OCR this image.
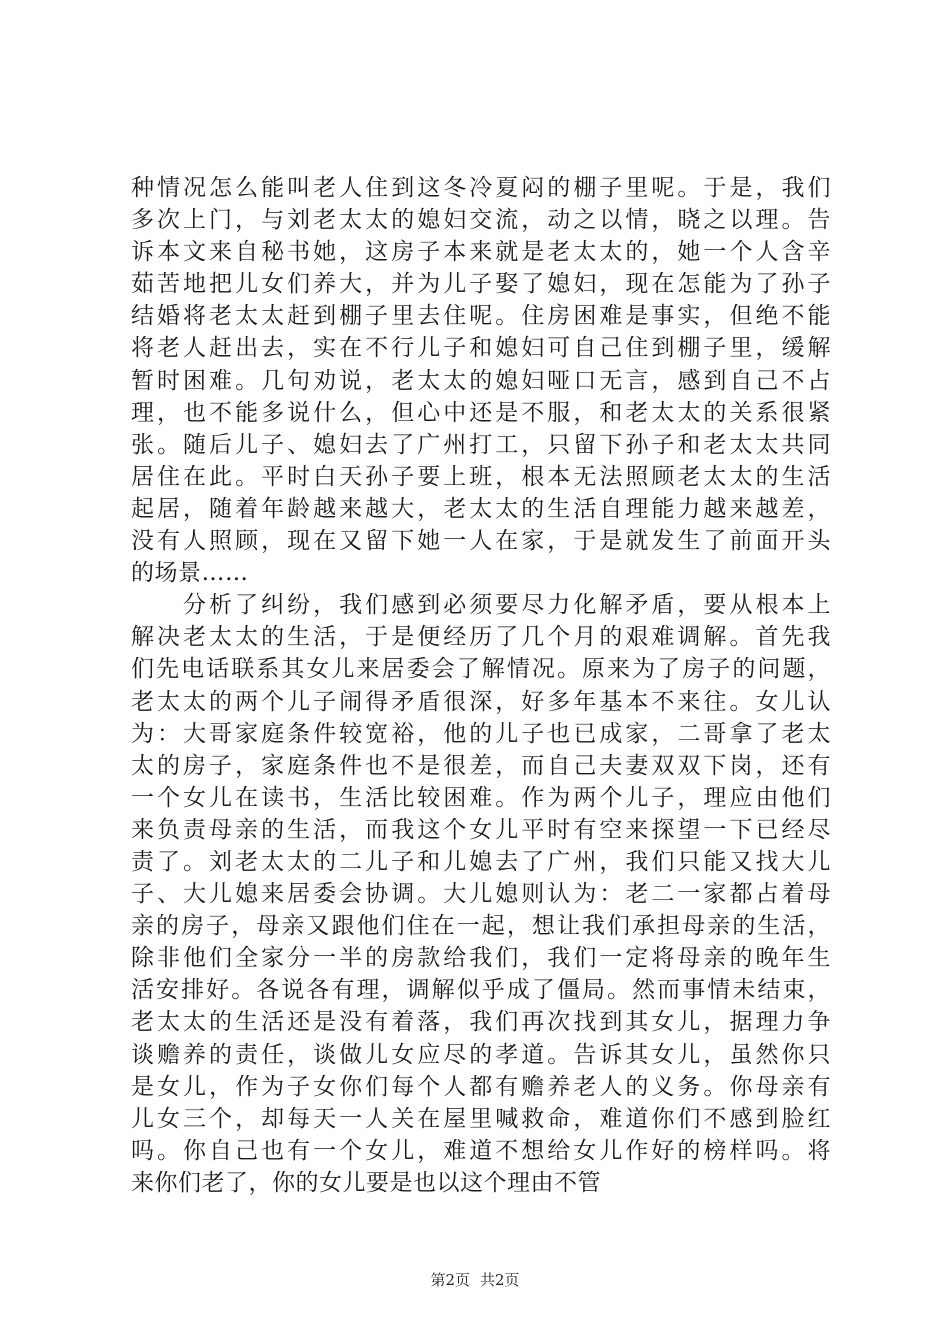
种情况怎么能叫老人住到这冬冷夏闷的棚子里呢。于是，我们
多次上门，与刘老太太的媳妇交流，动之以情，晓之以理。告
诉本文来自秘书她，这房子本来就是老太太的，她一个人含辛
茹苦地把儿女们养大，并为儿子娶了媳妇，现在怎能为了孙子
结婚将老太太赶到棚子里去住呢。住房困难是事实，但绝不能
将老人赶出去，实在不行儿子和媳妇可自己住到棚子里，缓解
暂时困难。几句劝说，老太太的媳妇哑口无言，感到自己不占
理，也不能多说什么，但心中还是不服，和老太太的关系很紧
张。随后儿子、媳妇去了广州打工，只留下孙子和老太太共同
居住在此。平时白天孙子要上班，根本无法照顾老太太的生活
起居，随着年龄越来越大，老太太的生活自理能力越来越差，
没有人照顾，现在又留下她一人在家，于是就发生了前面开头
的场景……
　　分析了纠纷，我们感到必须要尽力化解矛盾，要从根本上
解决老太太的生活，于是便经历了几个月的艰难调解。首先我
们先电话联系其女儿来居委会了解情况。原来为了房子的问题，
老太太的两个儿子闹得矛盾很深，好多年基本不来往。女儿认
为：大哥家庭条件较宽裕，他的儿子也已成家，二哥拿了老太
太的房子，家庭条件也不是很差，而自己夫妻双双下岗，还有
一个女儿在读书，生活比较困难。作为两个儿子，理应由他们
来负责母亲的生活，而我这个女儿平时有空来探望一下已经尽
责了。刘老太太的二儿子和儿媳去了广州，我们只能又找大儿
子、大儿媳来居委会协调。大儿媳则认为：老二一家都占着母
亲的房子，母亲又跟他们住在一起，想让我们承担母亲的生活，
除非他们全家分一半的房款给我们，我们一定将母亲的晚年生
活安排好。各说各有理，调解似乎成了僵局。然而事情未结束，
老太太的生活还是没有着落，我们再次找到其女儿，据理力争
谈赡养的责任，谈做儿女应尽的孝道。告诉其女儿，虽然你只
是女儿，作为子女你们每个人都有赡养老人的义务。你母亲有
儿女三个，却每天一人关在屋里喊救命，难道你们不感到脸红
吗。你自己也有一个女儿，难道不想给女儿作好的榜样吗。将
来你们老了，你的女儿要是也以这个理由不管
第2页 共2页
